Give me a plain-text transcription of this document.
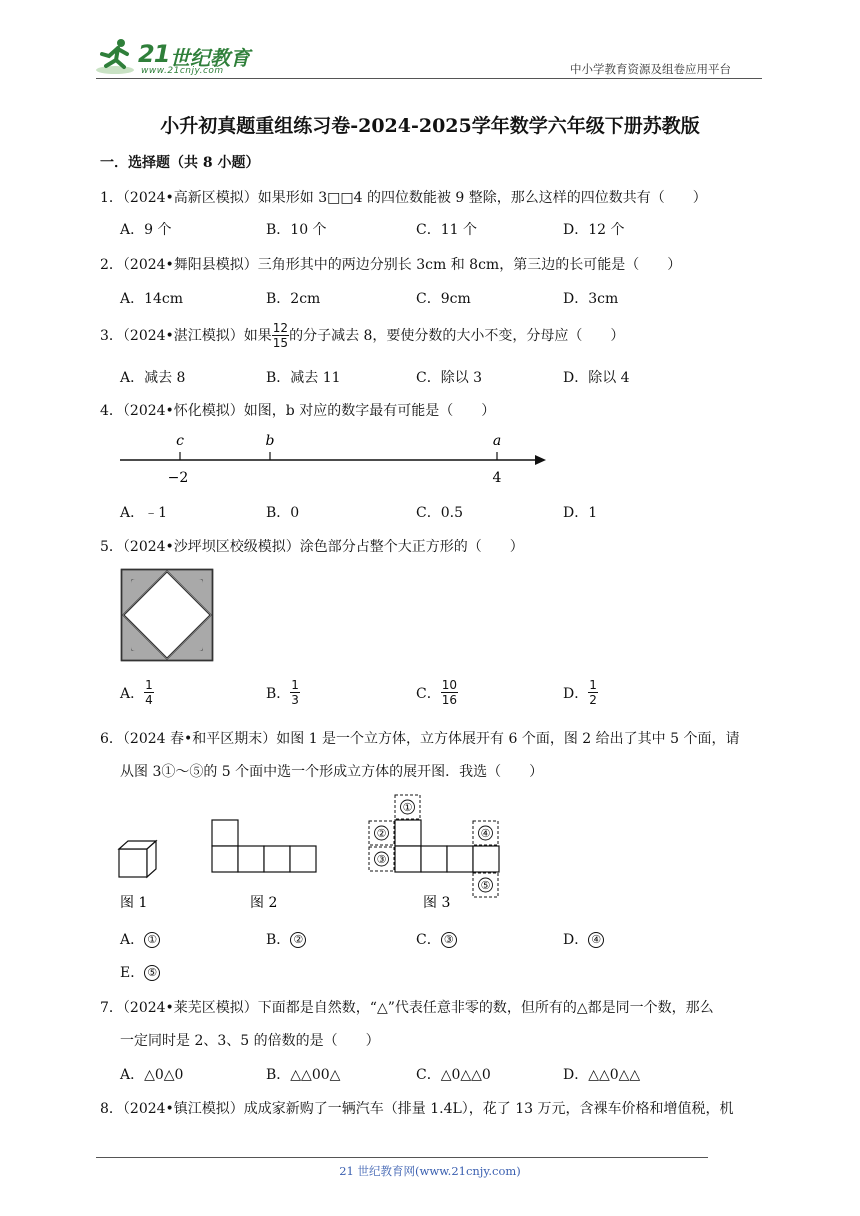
21 世纪教育
www.21cnjy.com	中小学教育资源及组卷应用平台
小升初真题重组练习卷-2024-2025学年数学六年级下册苏教版
一．选择题（共 8 小题）
1．（2024•高新区模拟）如果形如 3□□4 的四位数能被 9 整除，那么这样的四位数共有（　　）
A．9 个	B．10 个	C．11 个	D．12 个
2．（2024•舞阳县模拟）三角形其中的两边分别长 3cm 和 8cm，第三边的长可能是（　　）
A．14cm	B．2cm	C．9cm	D．3cm
3．（2024•湛江模拟）如果 $\frac{12}{15}$ 的分子减去 8，要使分数的大小不变，分母应（　　）
A．减去 8	B．减去 11	C．除以 3	D．除以 4
4．（2024•怀化模拟）如图，b 对应的数字最有可能是（　　）
c	b	a
−2	4
A．﹣1	B．0	C．0.5	D．1
5．（2024•沙坪坝区校级模拟）涂色部分占整个大正方形的（　　）
A． $\frac{1}{4}$	B． $\frac{1}{3}$	C． $\frac{10}{16}$	D． $\frac{1}{2}$
6．（2024 春•和平区期末）如图 1 是一个立方体，立方体展开有 6 个面，图 2 给出了其中 5 个面，请
从图 3①～⑤的 5 个面中选一个形成立方体的展开图．我选（　　）
①
②
③
④
⑤
图 1	图 2	图 3
A． ①	B． ②	C． ③	D． ④
E． ⑤
7．（2024•莱芜区模拟）下面都是自然数，“△”代表任意非零的数，但所有的△都是同一个数，那么
一定同时是 2、3、5 的倍数的是（　　）
A．△0△0	B．△△00△	C．△0△△0	D．△△0△△
8．（2024•镇江模拟）成成家新购了一辆汽车（排量 1.4L），花了 13 万元，含裸车价格和增值税，机
21 世纪教育网(www.21cnjy.com)
